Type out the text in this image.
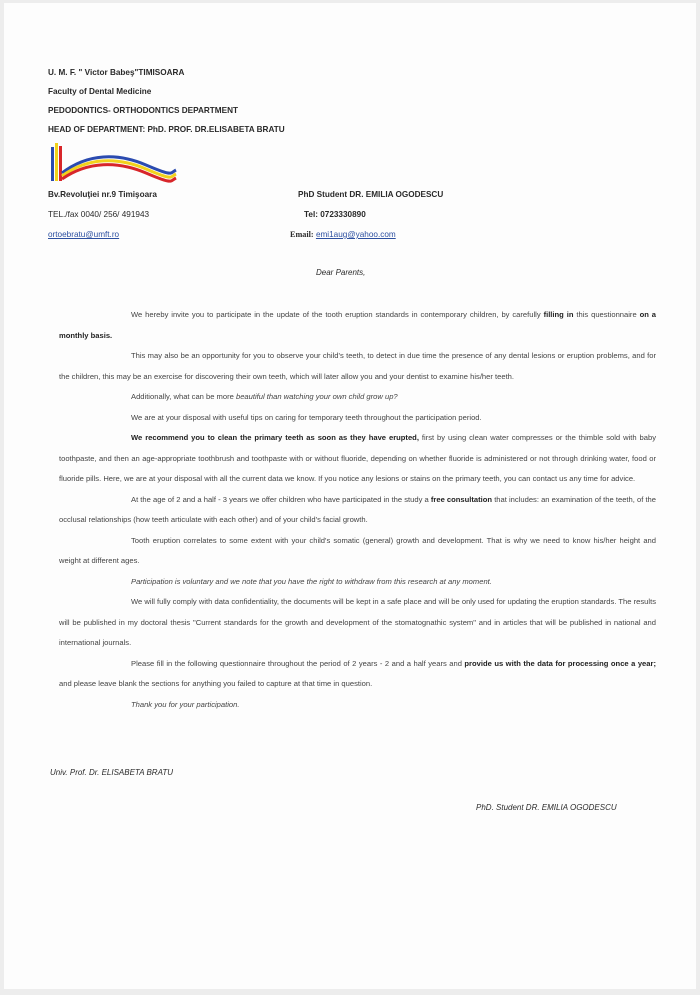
U. M. F. " Victor Babeş"TIMISOARA
Faculty of Dental Medicine
PEDODONTICS- ORTHODONTICS DEPARTMENT
HEAD OF DEPARTMENT: PhD. PROF. DR.ELISABETA BRATU
Bv.Revoluţiei nr.9 Timişoara
TEL./fax 0040/ 256/ 491943
ortoebratu@umft.ro
PhD Student DR. EMILIA OGODESCU
Tel: 0723330890
Email: emi1aug@yahoo.com
Dear Parents,

We hereby invite you to participate in the update of the tooth eruption standards in contemporary children, by carefully filling in this questionnaire on a monthly basis.

This may also be an opportunity for you to observe your child's teeth, to detect in due time the presence of any dental lesions or eruption problems, and for the children, this may be an exercise for discovering their own teeth, which will later allow you and your dentist to examine his/her teeth.

Additionally, what can be more beautiful than watching your own child grow up?

We are at your disposal with useful tips on caring for temporary teeth throughout the participation period.

We recommend you to clean the primary teeth as soon as they have erupted, first by using clean water compresses or the thimble sold with baby toothpaste, and then an age-appropriate toothbrush and toothpaste with or without fluoride, depending on whether fluoride is administered or not through drinking water, food or fluoride pills. Here, we are at your disposal with all the current data we know. If you notice any lesions or stains on the primary teeth, you can contact us any time for advice.

At the age of 2 and a half - 3 years we offer children who have participated in the study a free consultation that includes: an examination of the teeth, of the occlusal relationships (how teeth articulate with each other) and of your child's facial growth.

Tooth eruption correlates to some extent with your child's somatic (general) growth and development. That is why we need to know his/her height and weight at different ages.

Participation is voluntary and we note that you have the right to withdraw from this research at any moment.

We will fully comply with data confidentiality, the documents will be kept in a safe place and will be only used for updating the eruption standards. The results will be published in my doctoral thesis "Current standards for the growth and development of the stomatognathic system" and in articles that will be published in national and international journals.

Please fill in the following questionnaire throughout the period of 2 years - 2 and a half years and provide us with the data for processing once a year; and please leave blank the sections for anything you failed to capture at that time in question.

Thank you for your participation.

Univ. Prof. Dr. ELISABETA BRATU
PhD. Student DR. EMILIA OGODESCU
